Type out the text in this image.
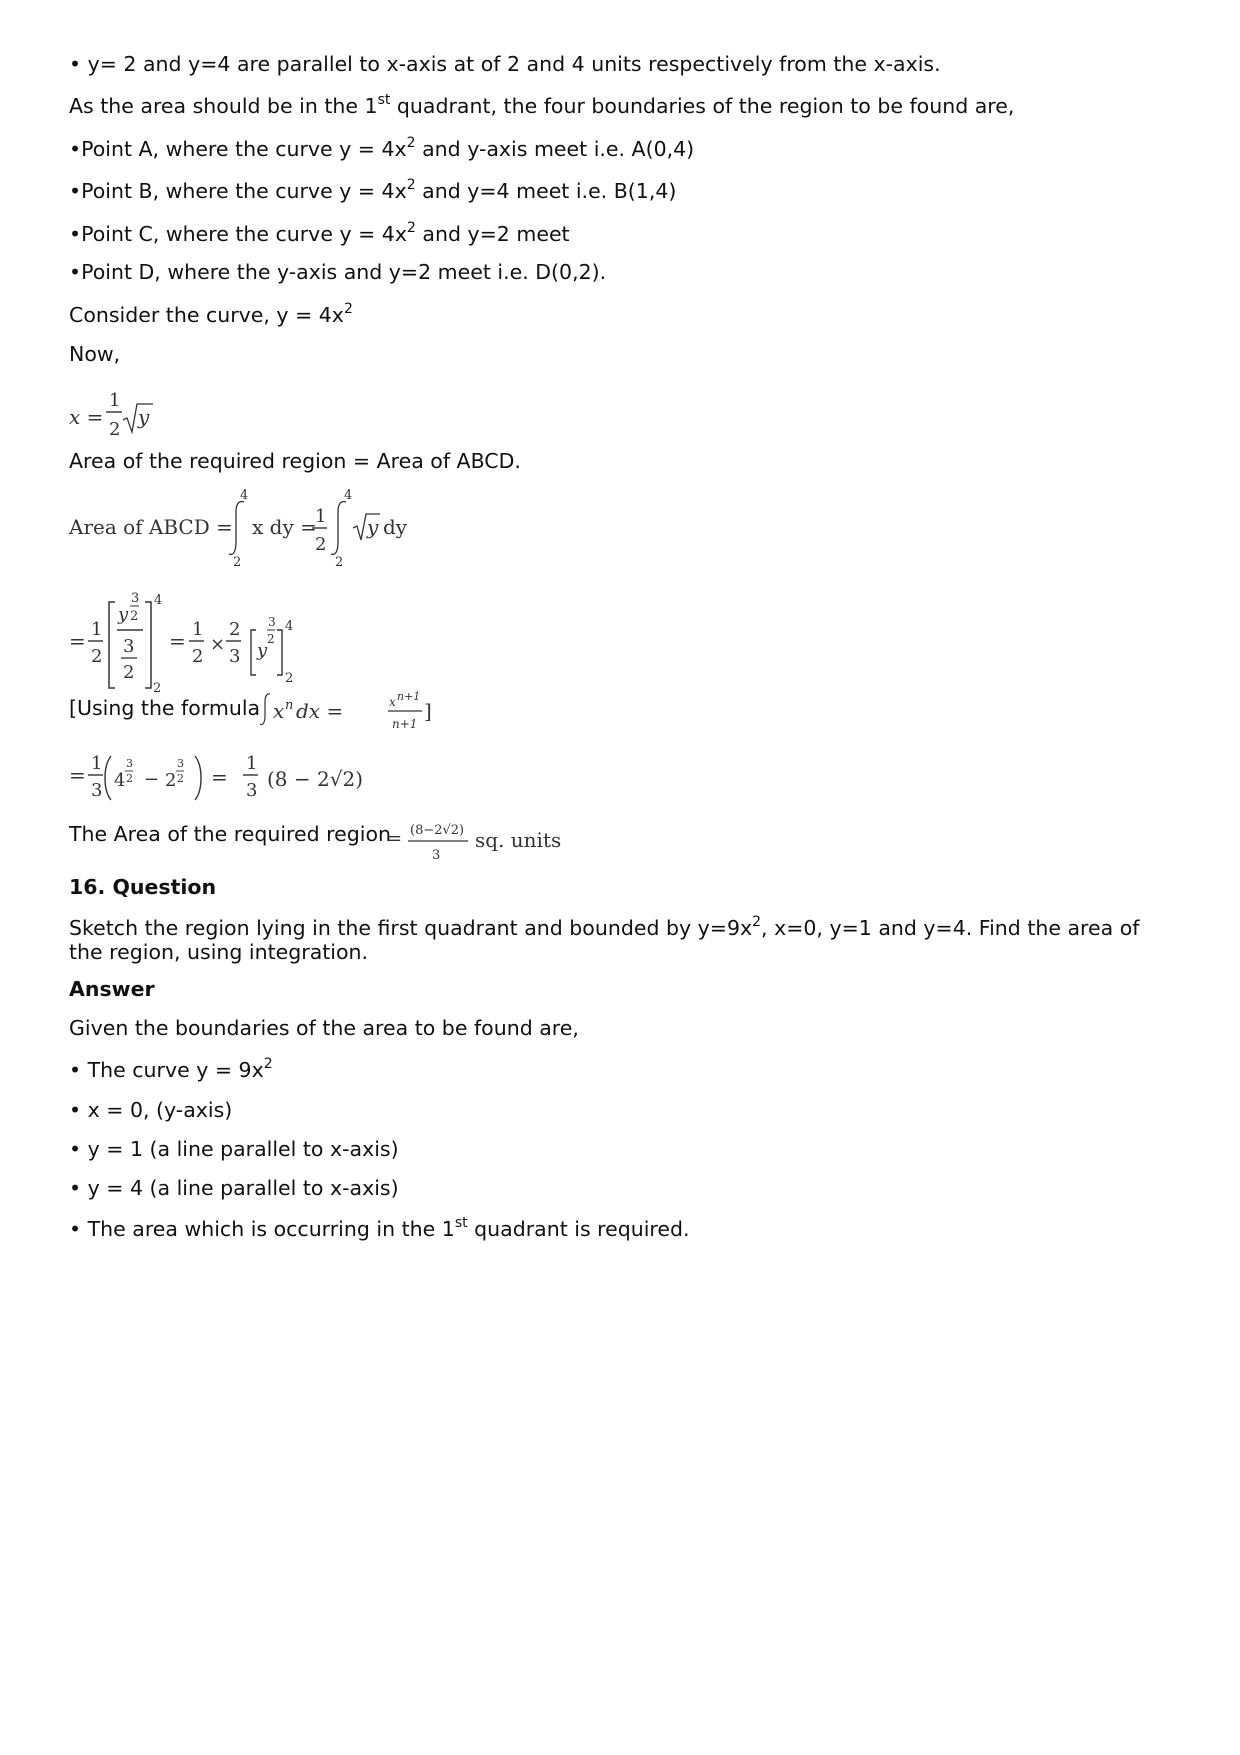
• y= 2 and y=4 are parallel to x-axis at of 2 and 4 units respectively from the x-axis.
As the area should be in the 1st quadrant, the four boundaries of the region to be found are,
•Point A, where the curve $y = 4x^2$ and y-axis meet i.e. A(0,4)
•Point B, where the curve $y = 4x^2$ and y=4 meet i.e. B(1,4)
•Point C, where the curve $y = 4x^2$ and y=2 meet
•Point D, where the y-axis and y=2 meet i.e. D(0,2).
Consider the curve, $y = 4x^2$
Now,
x =
1
2
y
Area of the required region = Area of ABCD.
Area of ABCD =
4
2
x dy =
1
2
4
2
y dy
= 1
2
3
y 2
3
2
4
2
= 1
2
×
2
3
3
y
2
4
2
[Using the formula x n dx =	x n+1
n+1
]
= 1
3 4
3
2 − 2
3
2 =
1
3 (8 − 2√2)
The Area of the required region
= (8−2√2)
3
sq. units
16. Question
Sketch the region lying in the first quadrant and bounded by $y=9x^2$, x=0, y=1 and y=4. Find the area of the region, using integration.
Answer
Given the boundaries of the area to be found are,
• The curve $y = 9x^2$
• x = 0, (y-axis)
• y = 1 (a line parallel to x-axis)
• y = 4 (a line parallel to x-axis)
• The area which is occurring in the 1st quadrant is required.
